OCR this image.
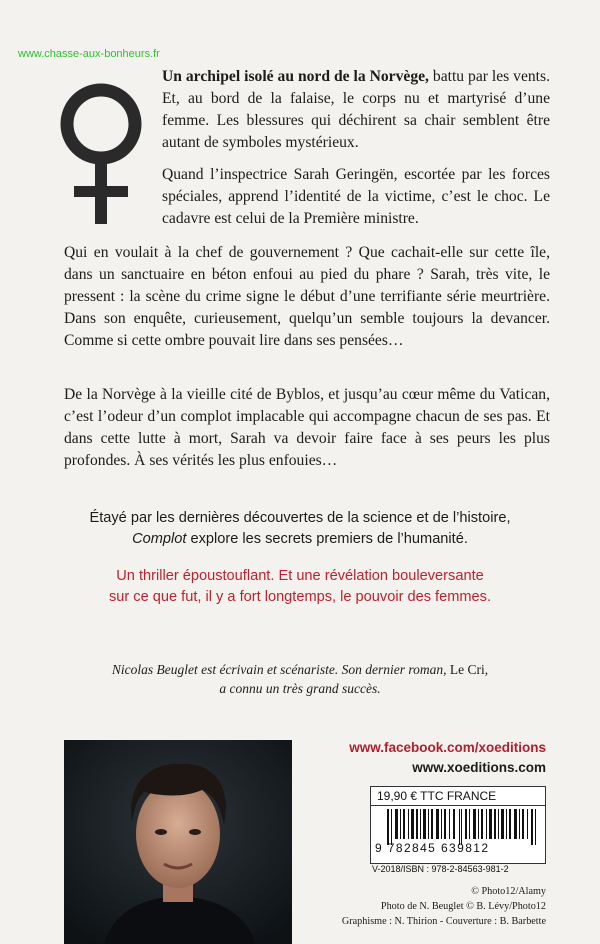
www.chasse-aux-bonheurs.fr

Un archipel isolé au nord de la Norvège, battu par les vents. Et, au bord de la falaise, le corps nu et martyrisé d’une femme. Les blessures qui déchirent sa chair semblent être autant de symboles mystérieux.

Quand l’inspectrice Sarah Geringën, escortée par les forces spéciales, apprend l’identité de la victime, c’est le choc. Le cadavre est celui de la Première ministre.

Qui en voulait à la chef de gouvernement ? Que cachait-elle sur cette île, dans un sanctuaire en béton enfoui au pied du phare ? Sarah, très vite, le pressent : la scène du crime signe le début d’une terrifiante série meurtrière. Dans son enquête, curieusement, quelqu’un semble toujours la devancer. Comme si cette ombre pouvait lire dans ses pensées…

De la Norvège à la vieille cité de Byblos, et jusqu’au cœur même du Vatican, c’est l’odeur d’un complot implacable qui accompagne chacun de ses pas. Et dans cette lutte à mort, Sarah va devoir faire face à ses peurs les plus profondes. À ses vérités les plus enfouies…

Étayé par les dernières découvertes de la science et de l’histoire,
Complot explore les secrets premiers de l’humanité.

Un thriller époustouflant. Et une révélation bouleversante
sur ce que fut, il y a fort longtemps, le pouvoir des femmes.

Nicolas Beuglet est écrivain et scénariste. Son dernier roman, Le Cri,
a connu un très grand succès.

www.facebook.com/xoeditions
www.xoeditions.com
19,90 € TTC FRANCE
9 782845 639812
V-2018/ISBN : 978-2-84563-981-2
© Photo12/Alamy
Photo de N. Beuglet © B. Lévy/Photo12
Graphisme : N. Thirion - Couverture : B. Barbette
